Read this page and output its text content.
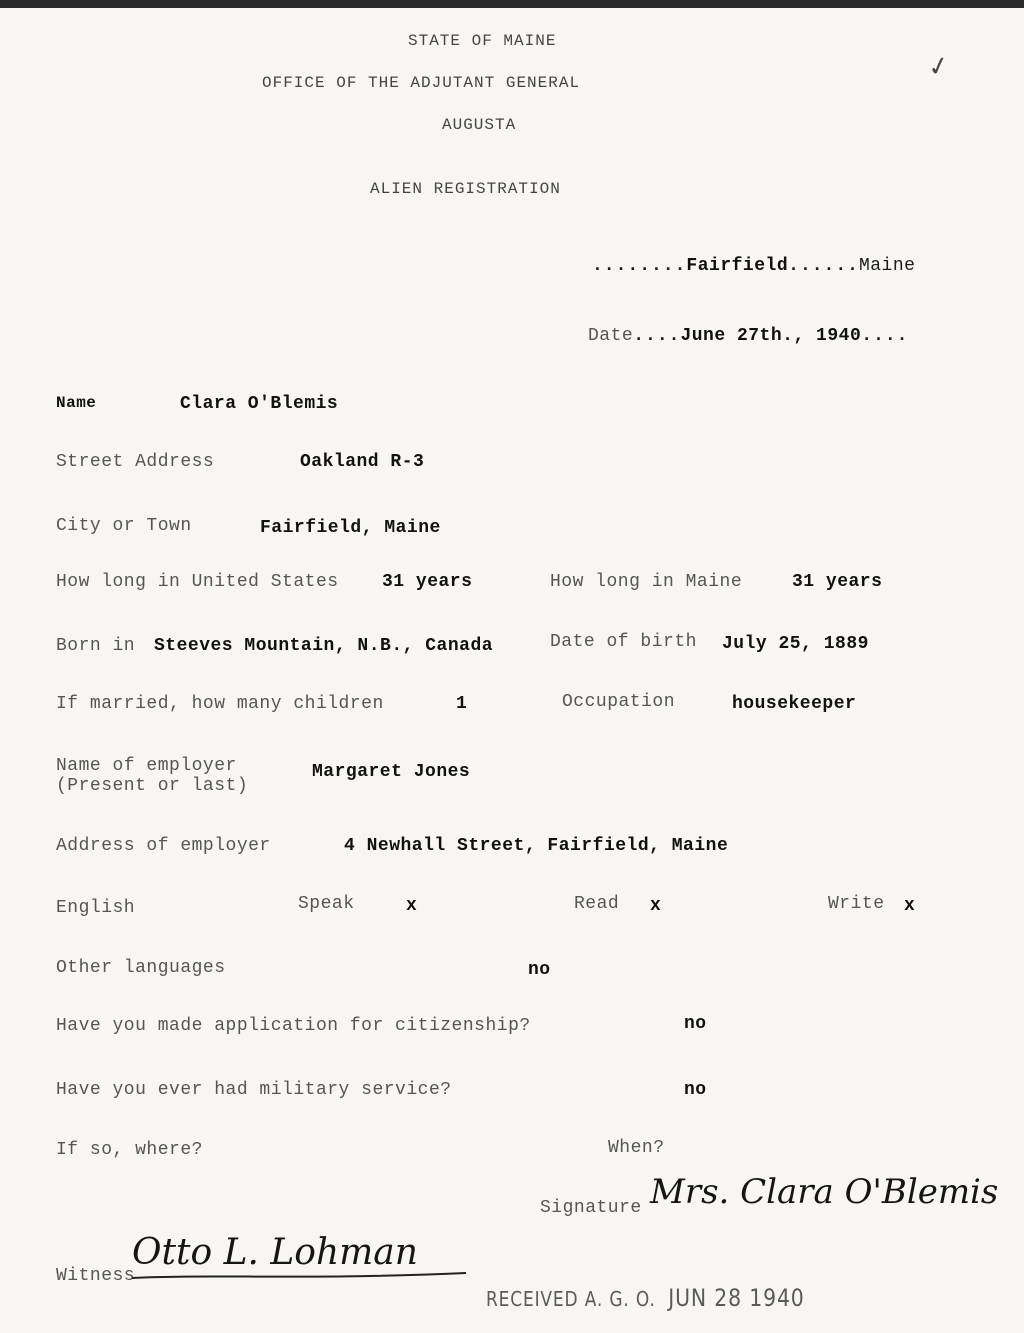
STATE OF MAINE
OFFICE OF THE ADJUTANT GENERAL
AUGUSTA
ALIEN REGISTRATION
✓
........Fairfield......Maine
Date....June 27th., 1940....
Name	Clara O'Blemis
Street Address	Oakland R-3
City or Town	Fairfield, Maine
How long in United States 31 years	How long in Maine	31 years
Born in Steeves Mountain, N.B., Canada	Date of birth July 25, 1889
If married, how many children	1	Occupation	housekeeper
Name of employer
(Present or last)
Margaret Jones
Address of employer	4 Newhall Street, Fairfield, Maine
English	Speak	x	Read x	Write x
Other languages	no
Have you made application for citizenship?	no
Have you ever had military service?	no
If so, where?	When?
Signature Mrs. Clara O'Blemis
Witness
Otto L. Lohman
RECEIVED A. G. O. JUN 28 1940
